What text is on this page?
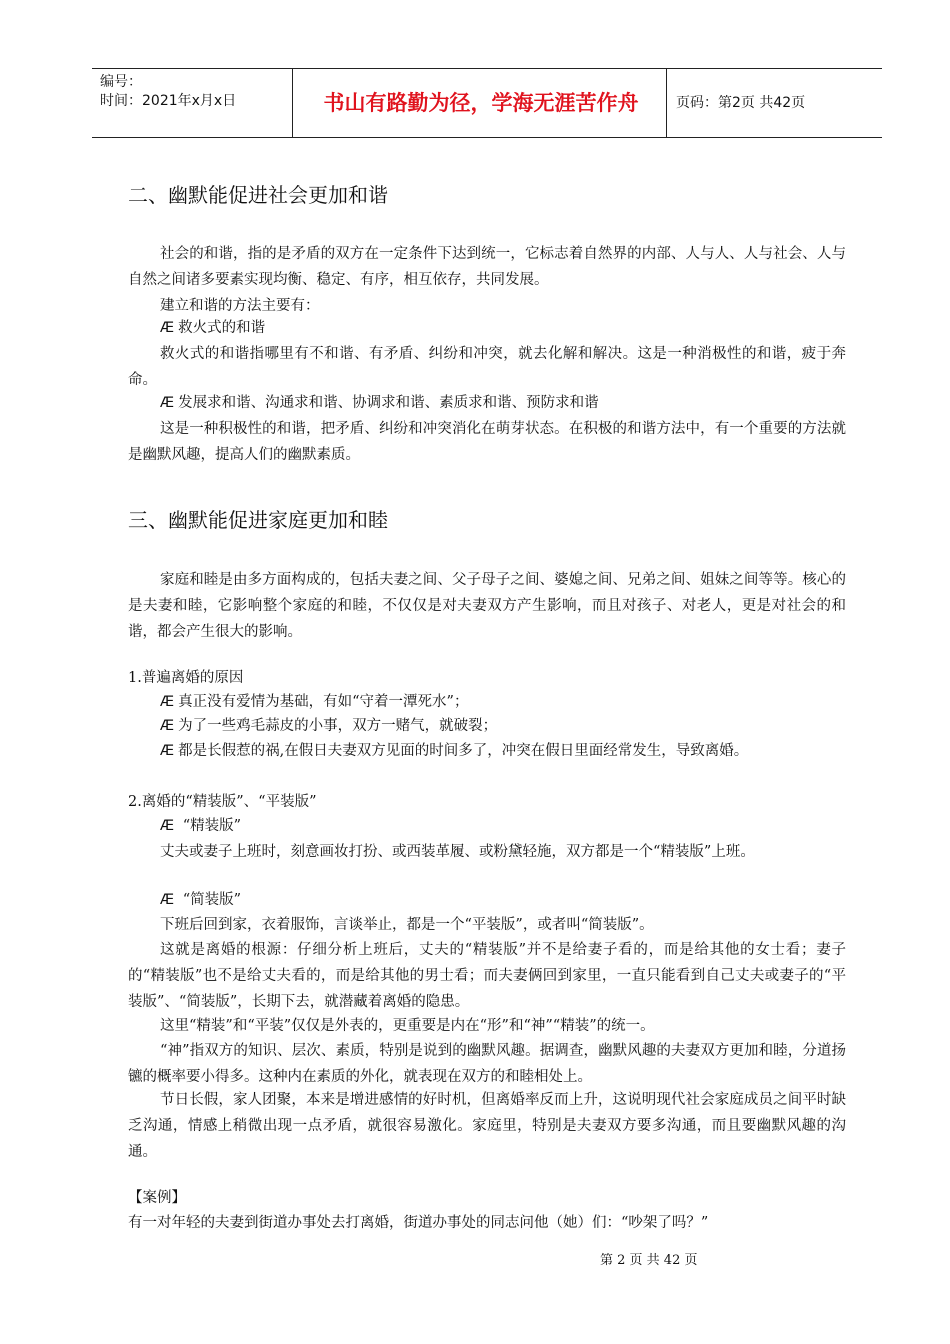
编号：
时间：2021年x月x日	书山有路勤为径，学海无涯苦作舟	页码：第2页 共42页
二、幽默能促进社会更加和谐
社会的和谐，指的是矛盾的双方在一定条件下达到统一，它标志着自然界的内部、人与人、人与社会、人与自然之间诸多要素实现均衡、稳定、有序，相互依存，共同发展。
建立和谐的方法主要有：
Æ 救火式的和谐
救火式的和谐指哪里有不和谐、有矛盾、纠纷和冲突，就去化解和解决。这是一种消极性的和谐，疲于奔命。
Æ 发展求和谐、沟通求和谐、协调求和谐、素质求和谐、预防求和谐
这是一种积极性的和谐，把矛盾、纠纷和冲突消化在萌芽状态。在积极的和谐方法中，有一个重要的方法就是幽默风趣，提高人们的幽默素质。
三、幽默能促进家庭更加和睦
家庭和睦是由多方面构成的，包括夫妻之间、父子母子之间、婆媳之间、兄弟之间、姐妹之间等等。核心的是夫妻和睦，它影响整个家庭的和睦，不仅仅是对夫妻双方产生影响，而且对孩子、对老人，更是对社会的和谐，都会产生很大的影响。
1.普遍离婚的原因
Æ 真正没有爱情为基础，有如“守着一潭死水”；
Æ 为了一些鸡毛蒜皮的小事，双方一赌气，就破裂；
Æ 都是长假惹的祸,在假日夫妻双方见面的时间多了，冲突在假日里面经常发生，导致离婚。
2.离婚的“精装版”、“平装版”
Æ “精装版”
丈夫或妻子上班时，刻意画妆打扮、或西装革履、或粉黛轻施，双方都是一个“精装版”上班。
Æ “简装版”
下班后回到家，衣着服饰，言谈举止，都是一个“平装版”，或者叫“简装版”。
这就是离婚的根源：仔细分析上班后，丈夫的“精装版”并不是给妻子看的，而是给其他的女士看；妻子的“精装版”也不是给丈夫看的，而是给其他的男士看；而夫妻俩回到家里，一直只能看到自己丈夫或妻子的“平装版”、“简装版”，长期下去，就潜藏着离婚的隐患。
这里“精装”和“平装”仅仅是外表的，更重要是内在“形”和“神”“精装”的统一。
“神”指双方的知识、层次、素质，特别是说到的幽默风趣。据调查，幽默风趣的夫妻双方更加和睦，分道扬镳的概率要小得多。这种内在素质的外化，就表现在双方的和睦相处上。
节日长假，家人团聚，本来是增进感情的好时机，但离婚率反而上升，这说明现代社会家庭成员之间平时缺乏沟通，情感上稍微出现一点矛盾，就很容易激化。家庭里，特别是夫妻双方要多沟通，而且要幽默风趣的沟通。
【案例】
有一对年轻的夫妻到街道办事处去打离婚，街道办事处的同志问他（她）们：“吵架了吗？”
第 2 页 共 42 页
